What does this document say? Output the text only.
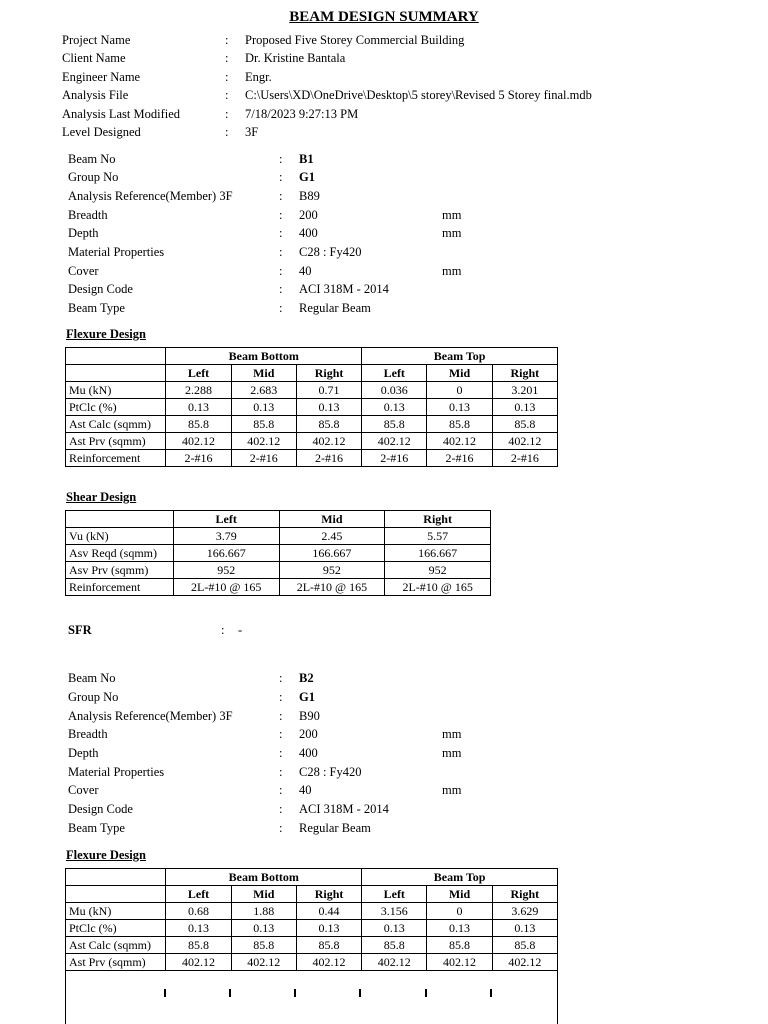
BEAM DESIGN SUMMARY
Project Name	: Proposed Five Storey Commercial Building
Client Name	: Dr. Kristine Bantala
Engineer Name	: Engr.
Analysis File	: C:\Users\XD\OneDrive\Desktop\5 storey\Revised 5 Storey final.mdb
Analysis Last Modified	: 7/18/2023 9:27:13 PM
Level Designed	: 3F
Beam No	: B1
Group No	: G1
Analysis Reference(Member) 3F	: B89
Breadth	: 200	mm
Depth	: 400	mm
Material Properties	: C28 : Fy420
Cover	: 40	mm
Design Code	: ACI 318M - 2014
Beam Type	: Regular Beam
Flexure Design
	Beam Bottom			Beam Top		
	Left	Mid	Right	Left	Mid	Right
Mu (kN)	2.288	2.683	0.71	0.036	0	3.201
PtClc (%)	0.13	0.13	0.13	0.13	0.13	0.13
Ast Calc (sqmm)	85.8	85.8	85.8	85.8	85.8	85.8
Ast Prv (sqmm)	402.12	402.12	402.12	402.12	402.12	402.12
Reinforcement	2-#16	2-#16	2-#16	2-#16	2-#16	2-#16
Shear Design
	Left	Mid	Right
Vu (kN)	3.79	2.45	5.57
Asv Reqd (sqmm)	166.667	166.667	166.667
Asv Prv (sqmm)	952	952	952
Reinforcement	2L-#10 @ 165	2L-#10 @ 165	2L-#10 @ 165
SFR	: -
Beam No	: B2
Group No	: G1
Analysis Reference(Member) 3F	: B90
Breadth	: 200	mm
Depth	: 400	mm
Material Properties	: C28 : Fy420
Cover	: 40	mm
Design Code	: ACI 318M - 2014
Beam Type	: Regular Beam
Flexure Design
	Beam Bottom			Beam Top		
	Left	Mid	Right	Left	Mid	Right
Mu (kN)	0.68	1.88	0.44	3.156	0	3.629
PtClc (%)	0.13	0.13	0.13	0.13	0.13	0.13
Ast Calc (sqmm)	85.8	85.8	85.8	85.8	85.8	85.8
Ast Prv (sqmm)	402.12	402.12	402.12	402.12	402.12	402.12
